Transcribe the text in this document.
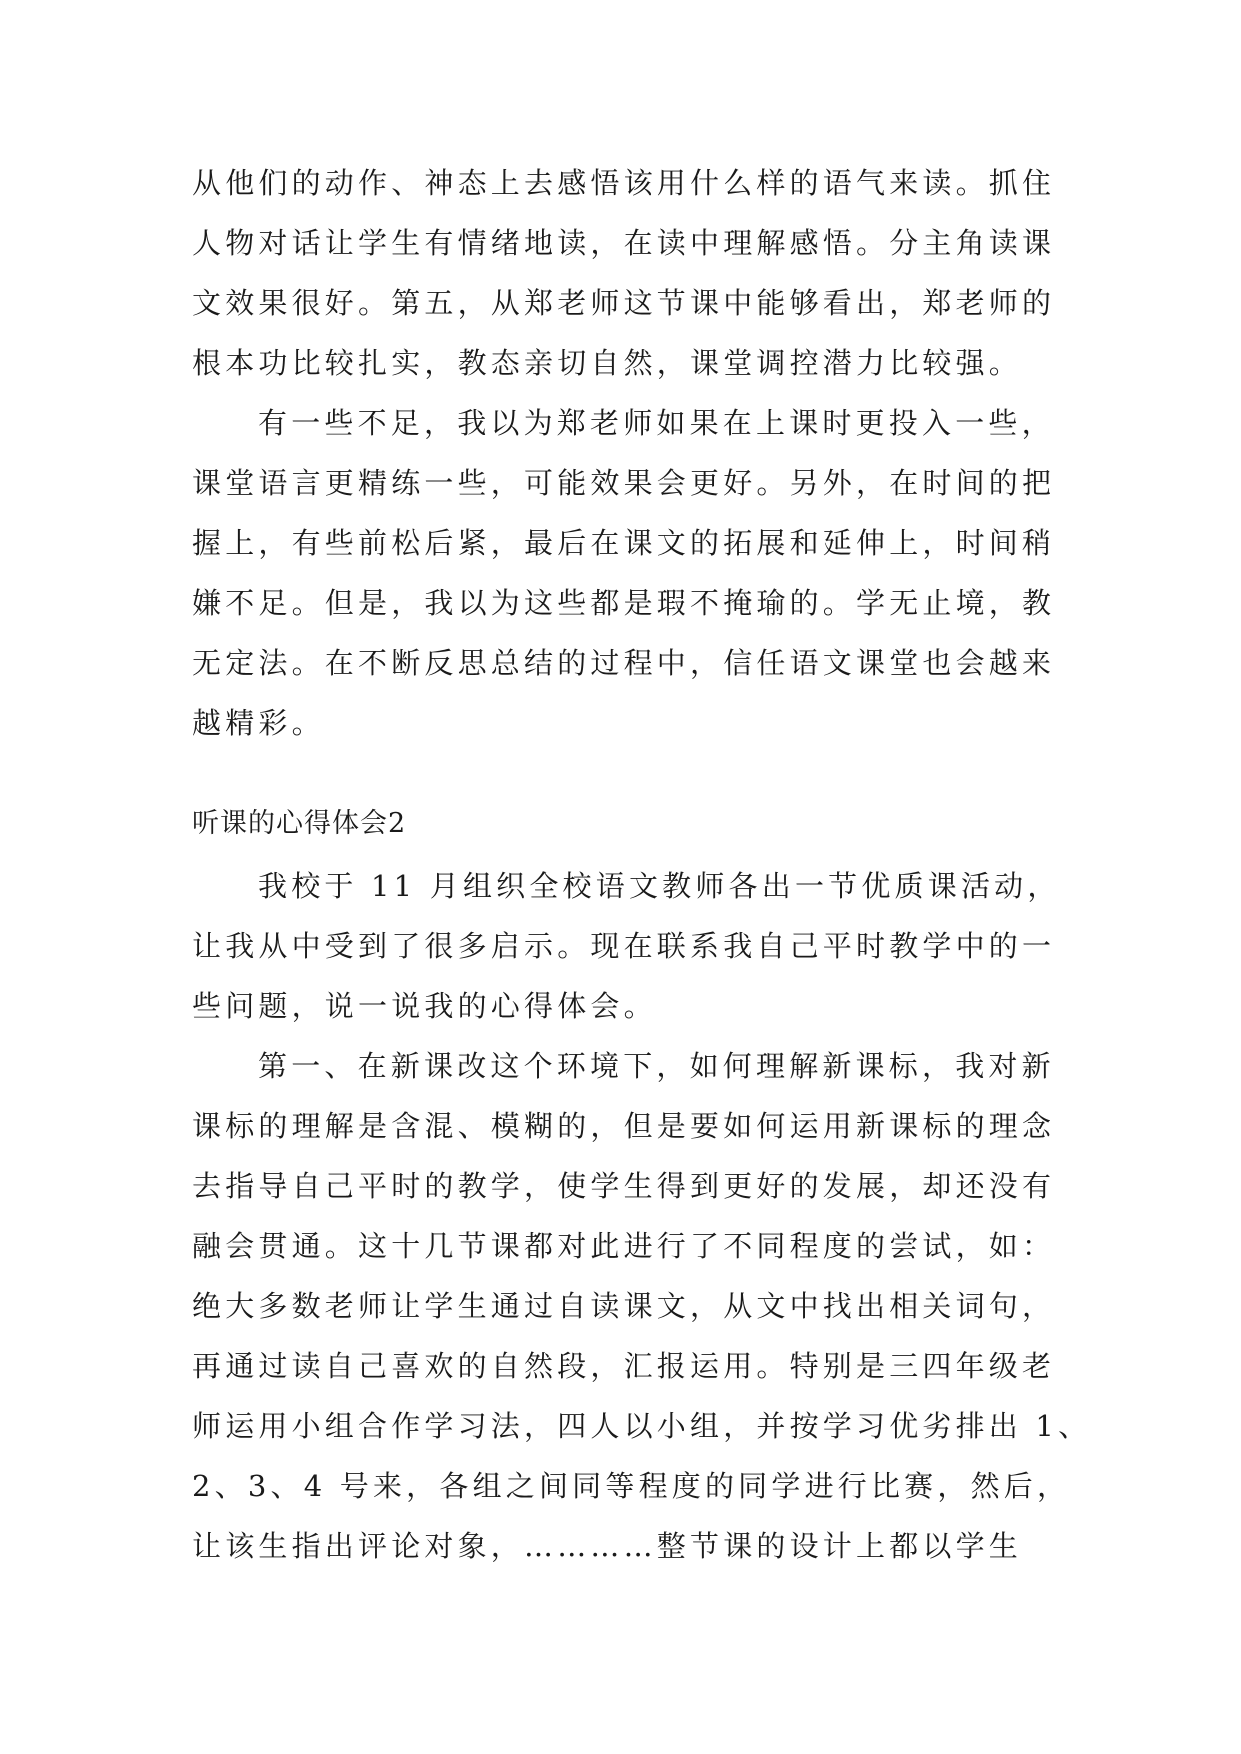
从他们的动作、神态上去感悟该用什么样的语气来读。抓住
人物对话让学生有情绪地读，在读中理解感悟。分主角读课
文效果很好。第五，从郑老师这节课中能够看出，郑老师的
根本功比较扎实，教态亲切自然，课堂调控潜力比较强。
有一些不足，我以为郑老师如果在上课时更投入一些，
课堂语言更精练一些，可能效果会更好。另外，在时间的把
握上，有些前松后紧，最后在课文的拓展和延伸上，时间稍
嫌不足。但是，我以为这些都是瑕不掩瑜的。学无止境，教
无定法。在不断反思总结的过程中，信任语文课堂也会越来
越精彩。
听课的心得体会2
我校于 11 月组织全校语文教师各出一节优质课活动，
让我从中受到了很多启示。现在联系我自己平时教学中的一
些问题，说一说我的心得体会。
第一、在新课改这个环境下，如何理解新课标，我对新
课标的理解是含混、模糊的，但是要如何运用新课标的理念
去指导自己平时的教学，使学生得到更好的发展，却还没有
融会贯通。这十几节课都对此进行了不同程度的尝试，如：
绝大多数老师让学生通过自读课文，从文中找出相关词句，
再通过读自己喜欢的自然段，汇报运用。特别是三四年级老
师运用小组合作学习法，四人以小组，并按学习优劣排出 1、
2、3、4 号来，各组之间同等程度的同学进行比赛，然后，
让该生指出评论对象，…………整节课的设计上都以学生
